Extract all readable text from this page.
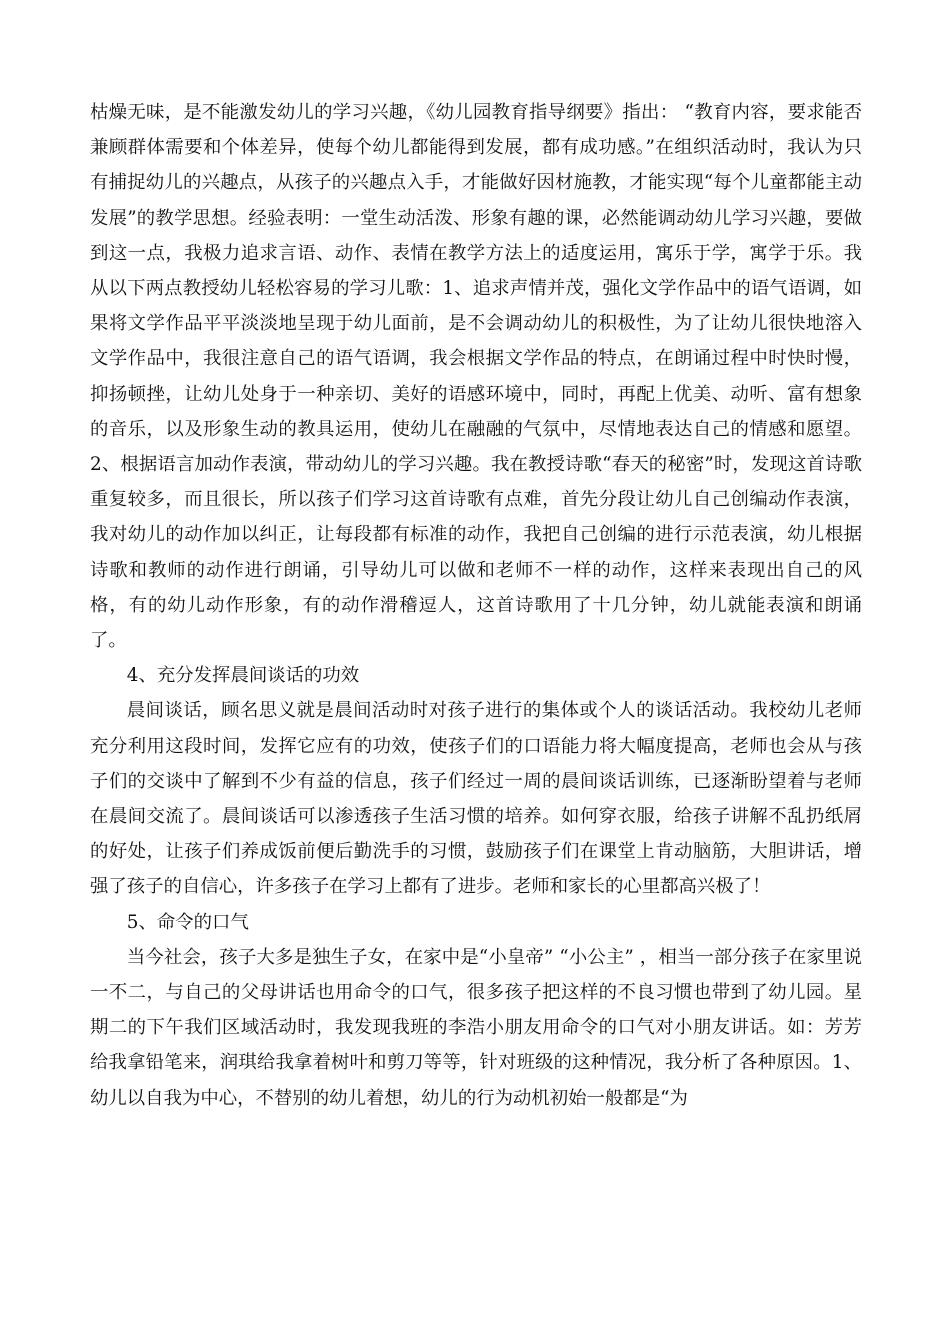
枯燥无味，是不能激发幼儿的学习兴趣，《幼儿园教育指导纲要》指出： “教育内容，要求能否兼顾群体需要和个体差异，使每个幼儿都能得到发展，都有成功感。”在组织活动时，我认为只有捕捉幼儿的兴趣点，从孩子的兴趣点入手，才能做好因材施教，才能实现“每个儿童都能主动发展”的教学思想。经验表明：一堂生动活泼、形象有趣的课，必然能调动幼儿学习兴趣，要做到这一点，我极力追求言语、动作、表情在教学方法上的适度运用，寓乐于学，寓学于乐。我从以下两点教授幼儿轻松容易的学习儿歌：1、追求声情并茂，强化文学作品中的语气语调，如果将文学作品平平淡淡地呈现于幼儿面前，是不会调动幼儿的积极性，为了让幼儿很快地溶入文学作品中，我很注意自己的语气语调，我会根据文学作品的特点，在朗诵过程中时快时慢，抑扬顿挫，让幼儿处身于一种亲切、美好的语感环境中，同时，再配上优美、动听、富有想象的音乐，以及形象生动的教具运用，使幼儿在融融的气氛中，尽情地表达自己的情感和愿望。2、根据语言加动作表演，带动幼儿的学习兴趣。我在教授诗歌“春天的秘密”时，发现这首诗歌重复较多，而且很长，所以孩子们学习这首诗歌有点难，首先分段让幼儿自己创编动作表演，我对幼儿的动作加以纠正，让每段都有标准的动作，我把自己创编的进行示范表演，幼儿根据诗歌和教师的动作进行朗诵，引导幼儿可以做和老师不一样的动作，这样来表现出自己的风格，有的幼儿动作形象，有的动作滑稽逗人，这首诗歌用了十几分钟，幼儿就能表演和朗诵了。

4、充分发挥晨间谈话的功效

晨间谈话，顾名思义就是晨间活动时对孩子进行的集体或个人的谈话活动。我校幼儿老师充分利用这段时间，发挥它应有的功效，使孩子们的口语能力将大幅度提高，老师也会从与孩子们的交谈中了解到不少有益的信息，孩子们经过一周的晨间谈话训练，已逐渐盼望着与老师在晨间交流了。晨间谈话可以渗透孩子生活习惯的培养。如何穿衣服，给孩子讲解不乱扔纸屑的好处，让孩子们养成饭前便后勤洗手的习惯，鼓励孩子们在课堂上肯动脑筋，大胆讲话，增强了孩子的自信心，许多孩子在学习上都有了进步。老师和家长的心里都高兴极了！

5、命令的口气

当今社会，孩子大多是独生子女，在家中是“小皇帝” “小公主” ，相当一部分孩子在家里说一不二，与自己的父母讲话也用命令的口气，很多孩子把这样的不良习惯也带到了幼儿园。星期二的下午我们区域活动时，我发现我班的李浩小朋友用命令的口气对小朋友讲话。如：芳芳给我拿铅笔来，润琪给我拿着树叶和剪刀等等，针对班级的这种情况，我分析了各种原因。1、幼儿以自我为中心，不替别的幼儿着想，幼儿的行为动机初始一般都是“为
